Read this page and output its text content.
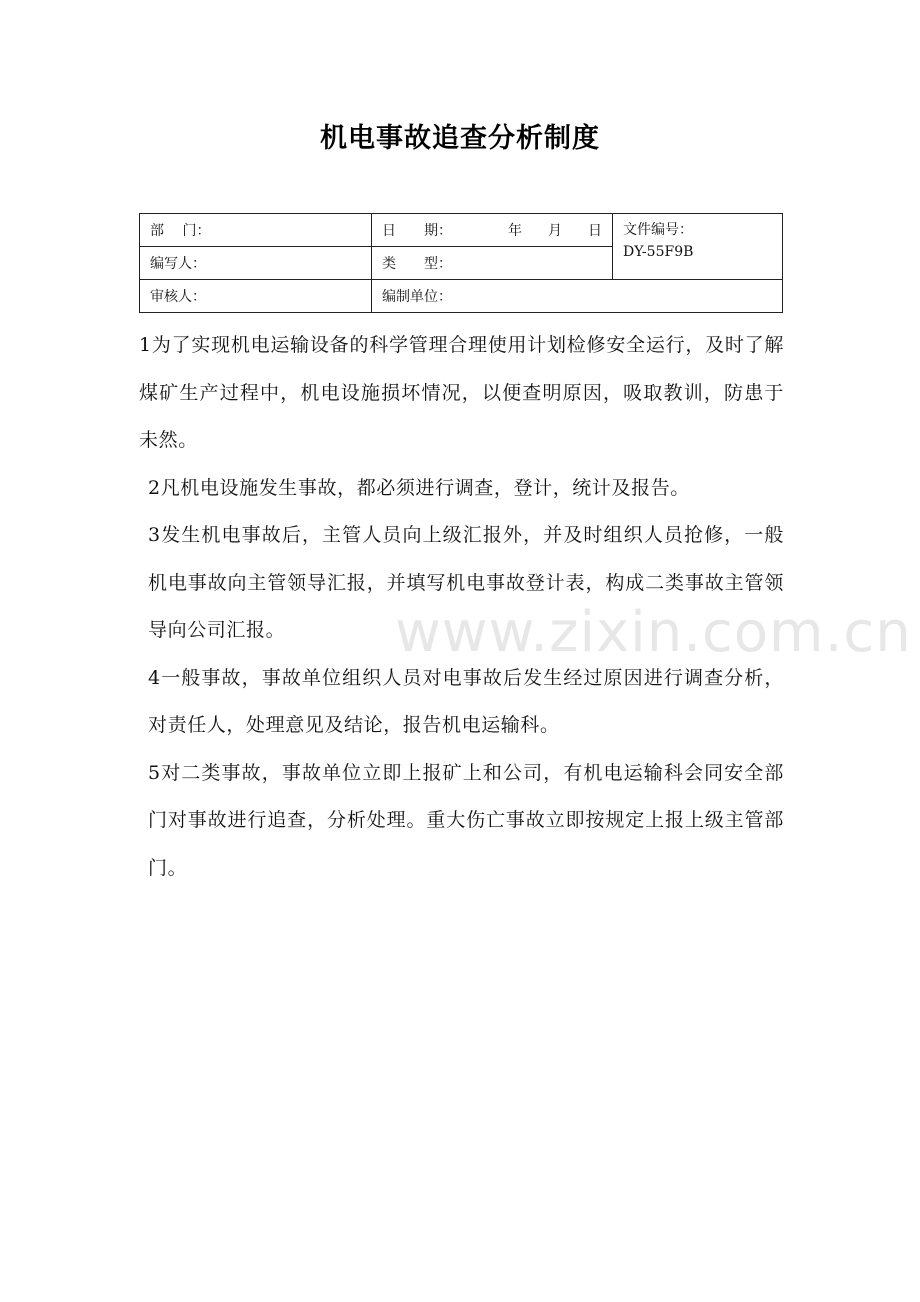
机电事故追查分析制度
部　 门：	日　　期： 年 月 日	文件编号：
DY-55F9B

编写人：	类　　型：	
审核人：	编制单位：	

1为了实现机电运输设备的科学管理合理使用计划检修安全运行，及时了解煤矿生产过程中，机电设施损坏情况，以便查明原因，吸取教训，防患于未然。

2凡机电设施发生事故，都必须进行调查，登计，统计及报告。

3发生机电事故后，主管人员向上级汇报外，并及时组织人员抢修，一般机电事故向主管领导汇报，并填写机电事故登计表，构成二类事故主管领导向公司汇报。

4一般事故，事故单位组织人员对电事故后发生经过原因进行调查分析，对责任人，处理意见及结论，报告机电运输科。

5对二类事故，事故单位立即上报矿上和公司，有机电运输科会同安全部门对事故进行追查，分析处理。重大伤亡事故立即按规定上报上级主管部门。

www.zixin.com.cn
